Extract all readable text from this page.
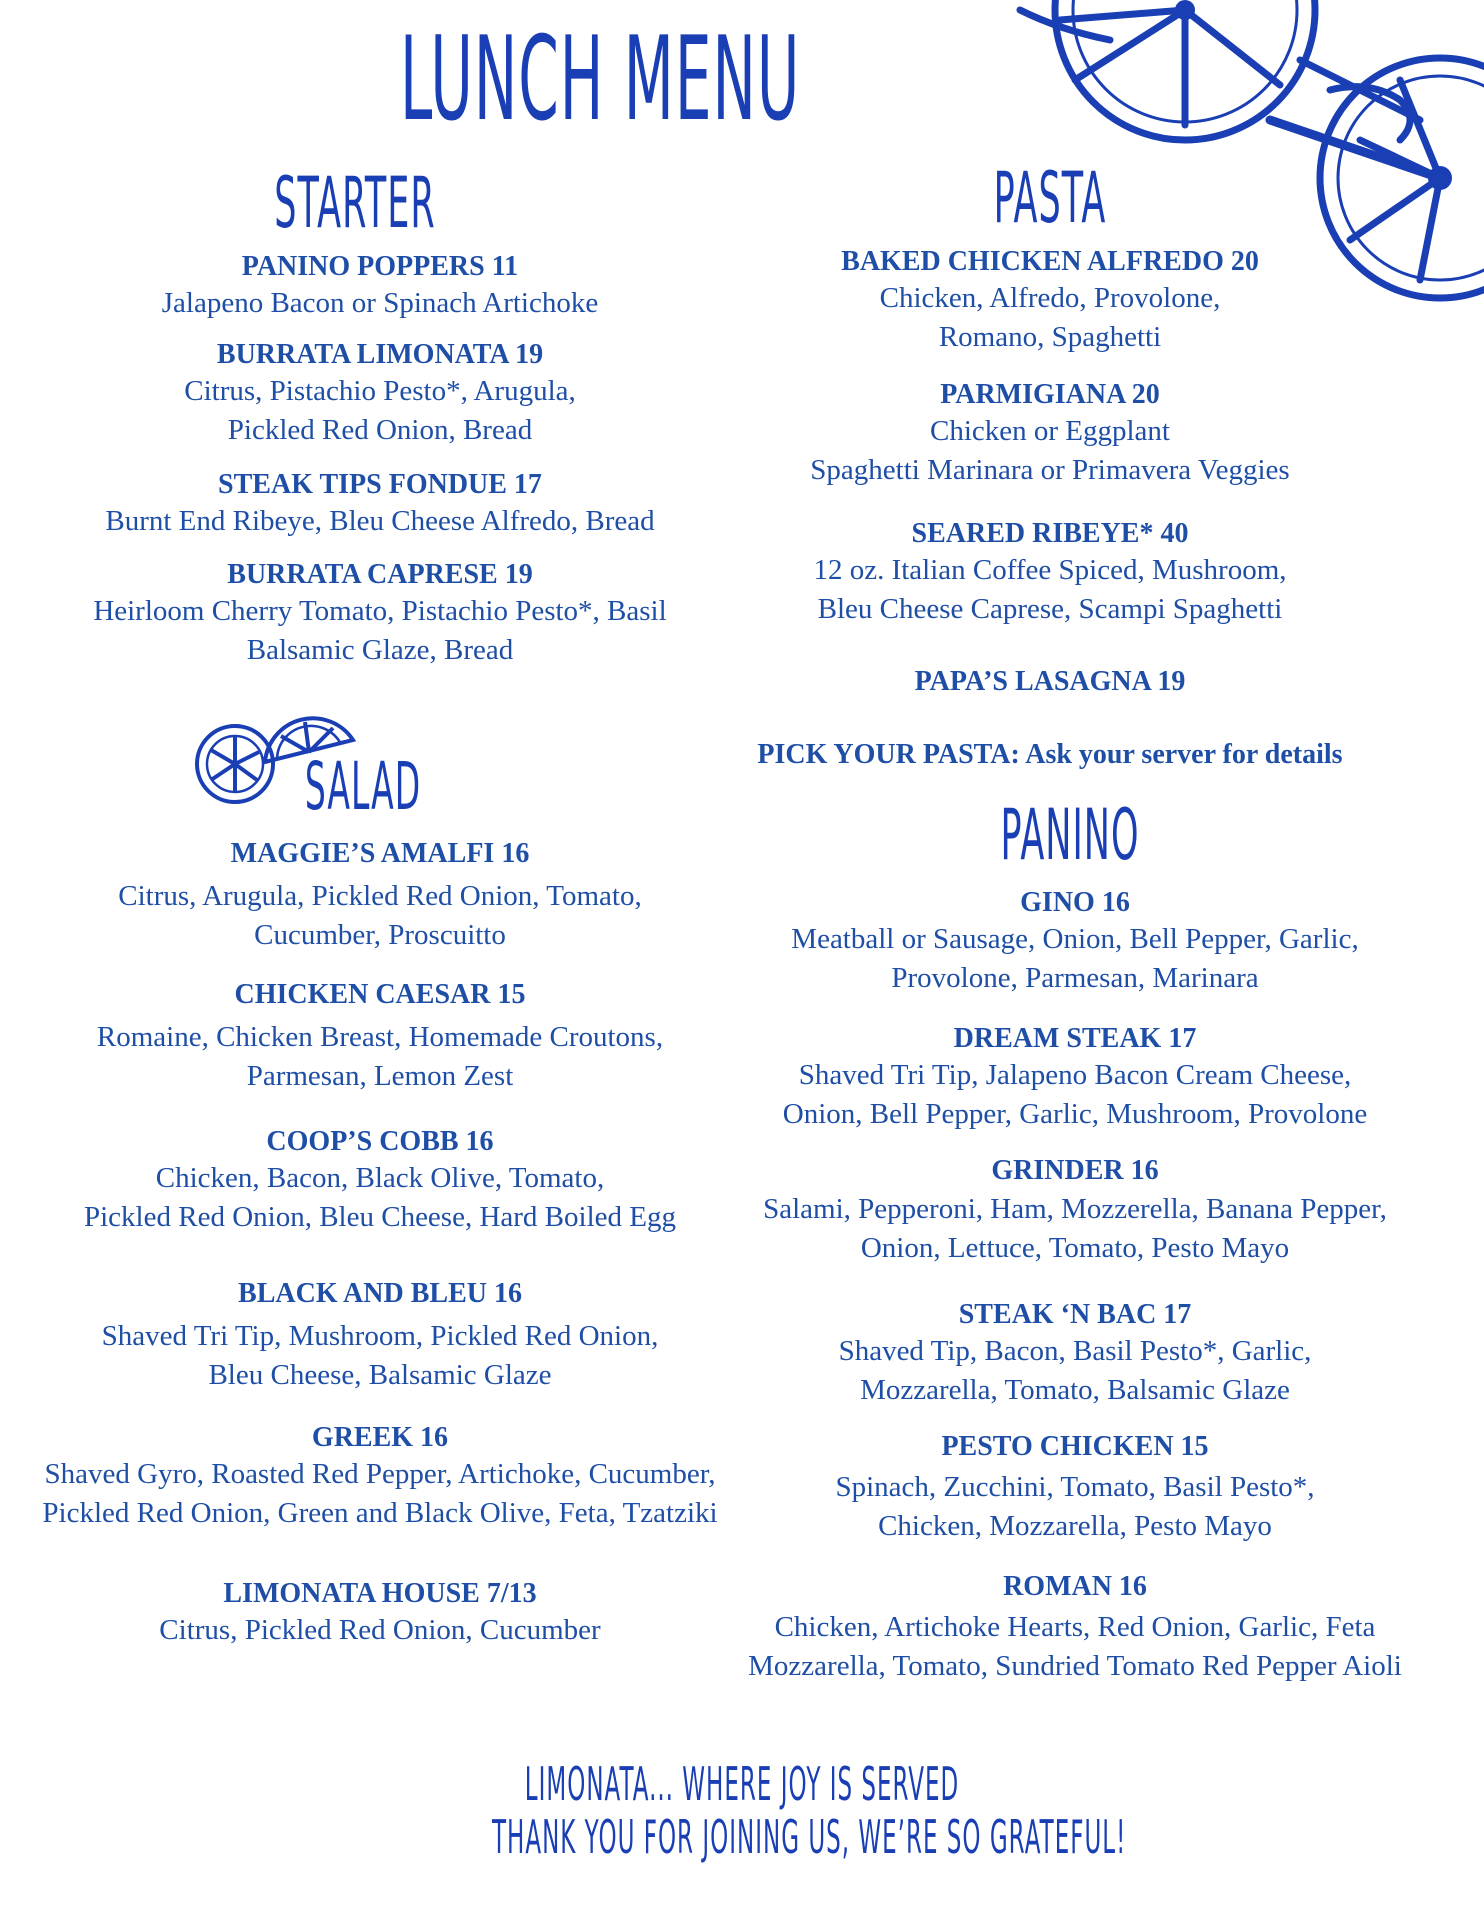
LUNCH MENU
STARTER
PANINO POPPERS 11
Jalapeno Bacon or Spinach Artichoke
BURRATA LIMONATA 19
Citrus, Pistachio Pesto*, Arugula,
Pickled Red Onion, Bread
STEAK TIPS FONDUE 17
Burnt End Ribeye, Bleu Cheese Alfredo, Bread
BURRATA CAPRESE 19
Heirloom Cherry Tomato, Pistachio Pesto*, Basil
Balsamic Glaze, Bread
SALAD
MAGGIE’S AMALFI 16
Citrus, Arugula, Pickled Red Onion, Tomato,
Cucumber, Proscuitto
CHICKEN CAESAR 15
Romaine, Chicken Breast, Homemade Croutons,
Parmesan, Lemon Zest
COOP’S COBB 16
Chicken, Bacon, Black Olive, Tomato,
Pickled Red Onion, Bleu Cheese, Hard Boiled Egg
BLACK AND BLEU 16
Shaved Tri Tip, Mushroom, Pickled Red Onion,
Bleu Cheese, Balsamic Glaze
GREEK 16
Shaved Gyro, Roasted Red Pepper, Artichoke, Cucumber,
Pickled Red Onion, Green and Black Olive, Feta, Tzatziki
LIMONATA HOUSE 7/13
Citrus, Pickled Red Onion, Cucumber
PASTA
BAKED CHICKEN ALFREDO 20
Chicken, Alfredo, Provolone,
Romano, Spaghetti
PARMIGIANA 20
Chicken or Eggplant
Spaghetti Marinara or Primavera Veggies
SEARED RIBEYE* 40
12 oz. Italian Coffee Spiced, Mushroom,
Bleu Cheese Caprese, Scampi Spaghetti
PAPA’S LASAGNA 19
PICK YOUR PASTA: Ask your server for details
PANINO
GINO 16
Meatball or Sausage, Onion, Bell Pepper, Garlic,
Provolone, Parmesan, Marinara
DREAM STEAK 17
Shaved Tri Tip, Jalapeno Bacon Cream Cheese,
Onion, Bell Pepper, Garlic, Mushroom, Provolone
GRINDER 16
Salami, Pepperoni, Ham, Mozzerella, Banana Pepper,
Onion, Lettuce, Tomato, Pesto Mayo
STEAK ‘N BAC 17
Shaved Tip, Bacon, Basil Pesto*, Garlic,
Mozzarella, Tomato, Balsamic Glaze
PESTO CHICKEN 15
Spinach, Zucchini, Tomato, Basil Pesto*,
Chicken, Mozzarella, Pesto Mayo
ROMAN 16
Chicken, Artichoke Hearts, Red Onion, Garlic, Feta
Mozzarella, Tomato, Sundried Tomato Red Pepper Aioli
LIMONATA... WHERE JOY IS SERVED
THANK YOU FOR JOINING US, WE’RE SO GRATEFUL!
